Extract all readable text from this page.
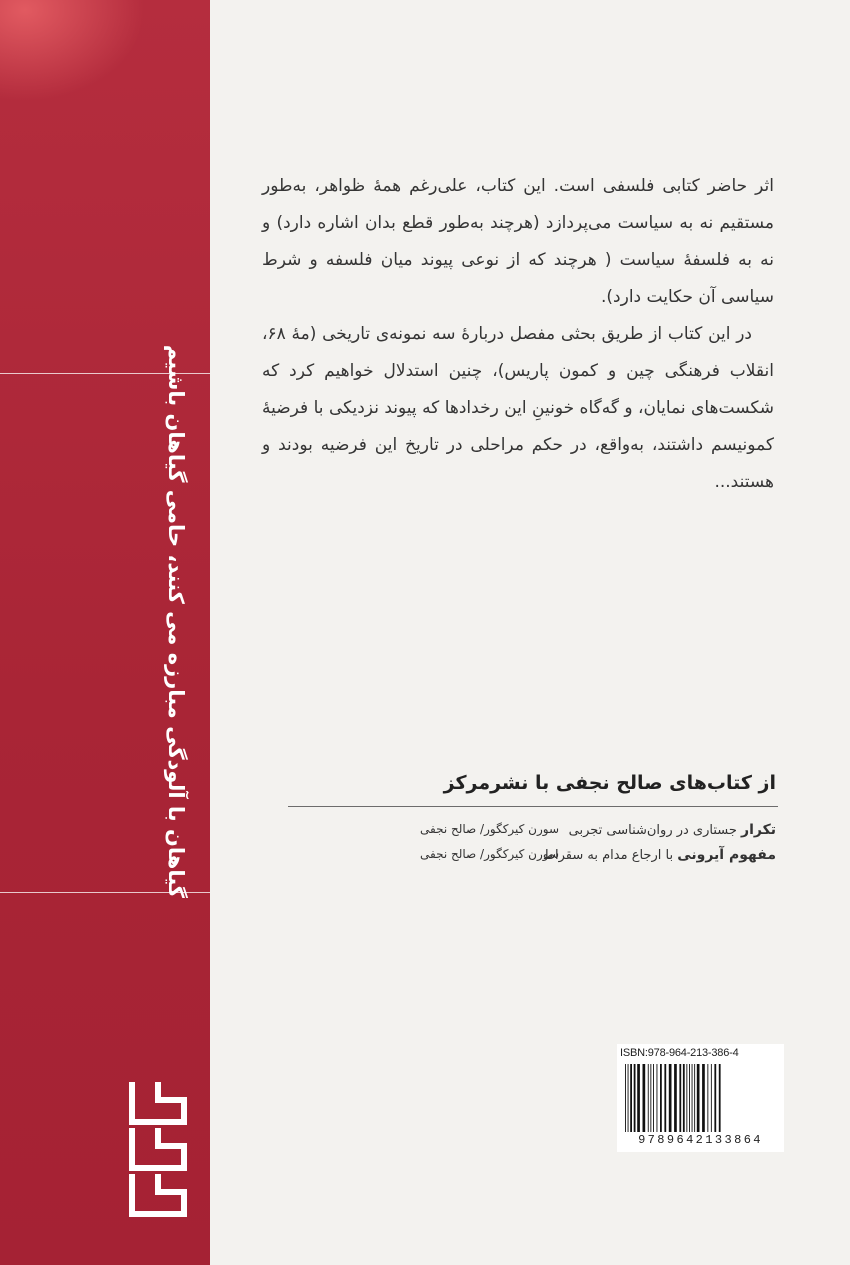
گیاهان با آلودگی مبارزه می کنند، حامی گیاهان باشیم

اثر حاضر کتابی فلسفی است. این کتاب، علی‌رغم همهٔ ظواهر، به‌طور مستقیم نه به سیاست می‌پردازد (هرچند به‌طور قطع بدان اشاره دارد) و نه به فلسفهٔ سیاست ( هرچند که از نوعی پیوند میان فلسفه و شرط سیاسی آن حکایت دارد).

در این کتاب از طریق بحثی مفصل دربارهٔ سه نمونه‌ی تاریخی (مهٔ ۶۸، انقلاب فرهنگی چین و کمون پاریس)، چنین استدلال خواهیم کرد که شکست‌های نمایان، و گه‌گاه خونینِ این رخدادها که پیوند نزدیکی با فرضیهٔ کمونیسم داشتند، به‌واقع، در حکم مراحلی در تاریخ این فرضیه بودند و هستند...

از کتاب‌های صالح نجفی با نشرمرکز
تکرار جستاری در روان‌شناسی تجربی
سورن کیرکگور/ صالح نجفی
مفهوم آیرونی با ارجاع مدام به سقراط
سورن کیرکگور/ صالح نجفی
ISBN:978-964-213-386-4
9789642133864
